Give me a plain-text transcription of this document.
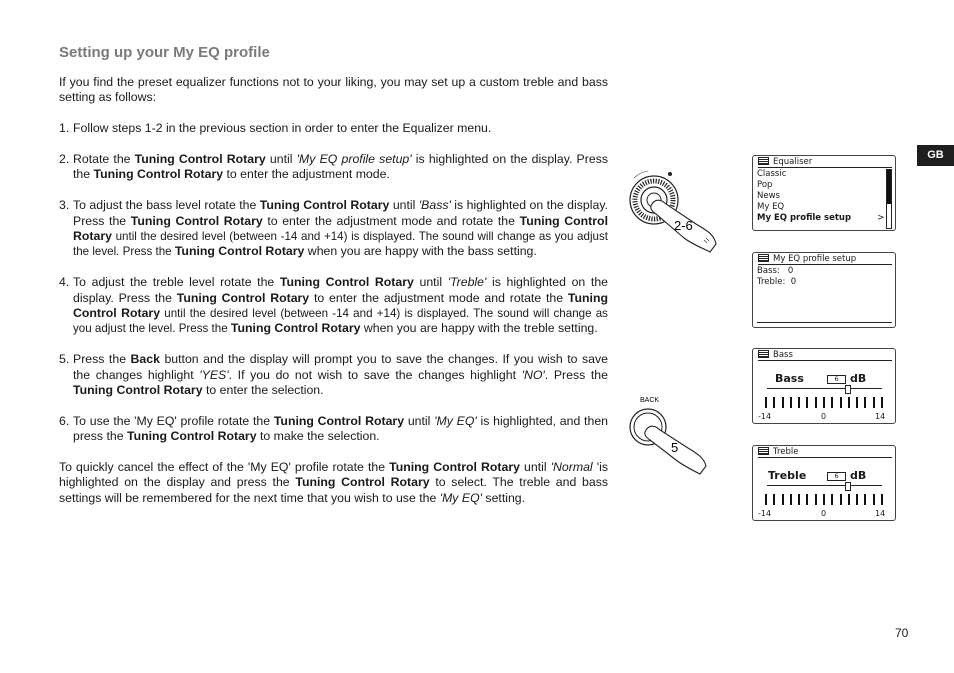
Setting up your My EQ profile

If you find the preset equalizer functions not to your liking, you may set up a custom treble and bass setting as follows:

1. Follow steps 1-2 in the previous section in order to enter the Equalizer menu.

2. Rotate the Tuning Control Rotary until 'My EQ profile setup' is highlighted on the display. Press the Tuning Control Rotary to enter the adjustment mode.

3. To adjust the bass level rotate the Tuning Control Rotary until 'Bass' is highlighted on the display. Press the Tuning Control Rotary to enter the adjustment mode and rotate the Tuning Control Rotary until the desired level (between -14 and +14) is displayed. The sound will change as you adjust the level. Press the Tuning Control Rotary when you are happy with the bass setting.

4. To adjust the treble level rotate the Tuning Control Rotary until 'Treble' is highlighted on the display. Press the Tuning Control Rotary to enter the adjustment mode and rotate the Tuning Control Rotary until the desired level (between -14 and +14) is displayed. The sound will change as you adjust the level. Press the Tuning Control Rotary when you are happy with the treble setting.

5. Press the Back button and the display will prompt you to save the changes. If you wish to save the changes highlight 'YES'. If you do not wish to save the changes highlight 'NO'. Press the Tuning Control Rotary to enter the selection.

6. To use the 'My EQ' profile rotate the Tuning Control Rotary until 'My EQ' is highlighted, and then press the Tuning Control Rotary to make the selection.

To quickly cancel the effect of the 'My EQ' profile rotate the Tuning Control Rotary until 'Normal 'is highlighted on the display and press the Tuning Control Rotary to select. The treble and bass settings will be remembered for the next time that you wish to use the 'My EQ' setting.

GB
70
2-6
BACK
5
Equaliser
Classic
Pop
News
My EQ
My EQ profile setup	>
My EQ profile setup
Bass:   0
Treble:  0
Bass
Bass	6	dB
-14	0	14
Treble
Treble	6	dB
-14	0	14
